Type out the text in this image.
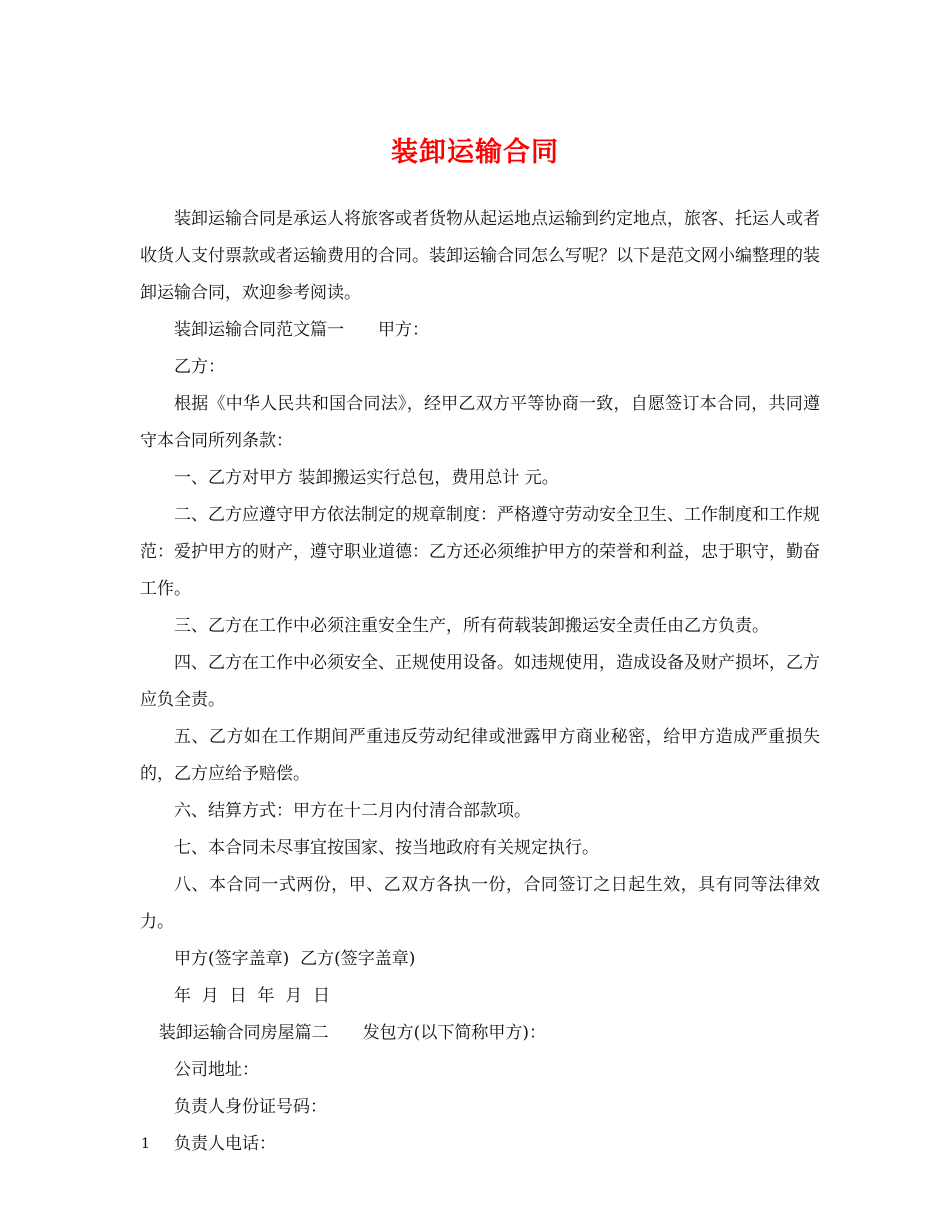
装卸运输合同

装卸运输合同是承运人将旅客或者货物从起运地点运输到约定地点，旅客、托运人或者收货人支付票款或者运输费用的合同。装卸运输合同怎么写呢？以下是范文网小编整理的装卸运输合同，欢迎参考阅读。

装卸运输合同范文篇一 甲方：

乙方：

根据《中华人民共和国合同法》，经甲乙双方平等协商一致，自愿签订本合同，共同遵守本合同所列条款：

一、乙方对甲方 装卸搬运实行总包，费用总计 元。

二、乙方应遵守甲方依法制定的规章制度：严格遵守劳动安全卫生、工作制度和工作规范：爱护甲方的财产，遵守职业道德：乙方还必须维护甲方的荣誉和利益，忠于职守，勤奋工作。

三、乙方在工作中必须注重安全生产，所有荷载装卸搬运安全责任由乙方负责。

四、乙方在工作中必须安全、正规使用设备。如违规使用，造成设备及财产损坏，乙方应负全责。

五、乙方如在工作期间严重违反劳动纪律或泄露甲方商业秘密，给甲方造成严重损失的，乙方应给予赔偿。

六、结算方式：甲方在十二月内付清合部款项。

七、本合同未尽事宜按国家、按当地政府有关规定执行。

八、本合同一式两份，甲、乙双方各执一份，合同签订之日起生效，具有同等法律效力。

甲方(签字盖章)  乙方(签字盖章)

年  月  日  年  月  日

装卸运输合同房屋篇二 发包方(以下简称甲方)：

公司地址：

负责人身份证号码：

负责人电话：

1
